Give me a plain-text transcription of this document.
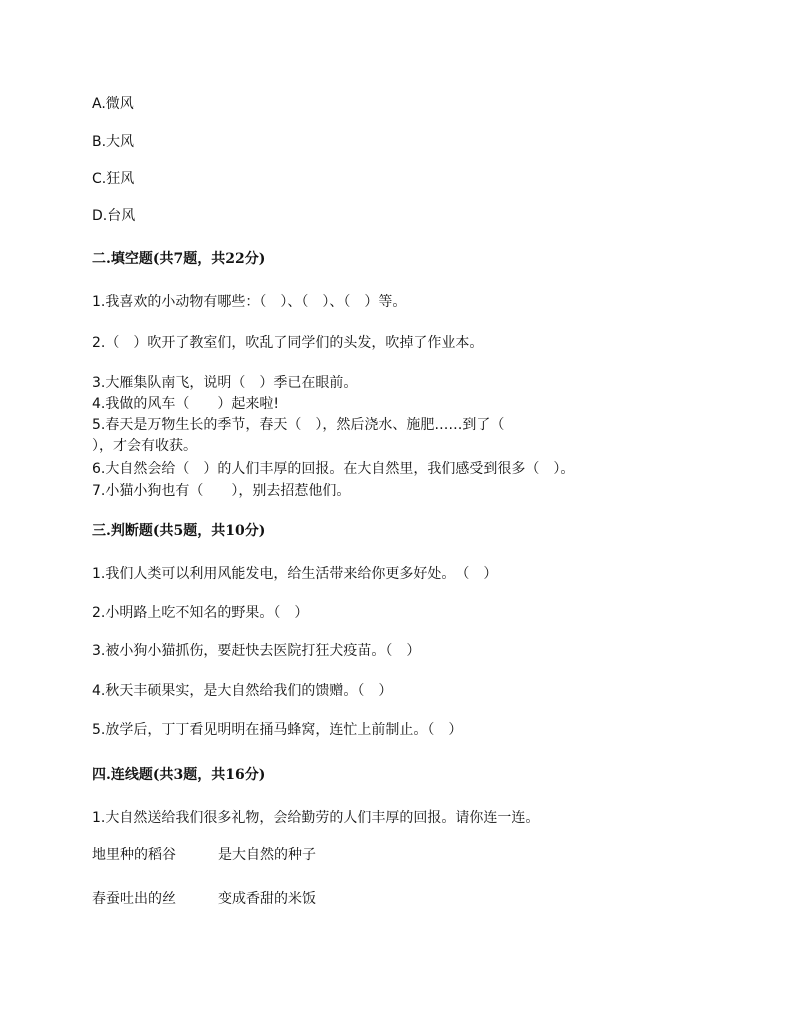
A.微风
B.大风
C.狂风
D.台风
二.填空题(共7题，共22分)
1.我喜欢的小动物有哪些：（　）、（　）、（　）等。
2.（　）吹开了教室们，吹乱了同学们的头发，吹掉了作业本。
3.大雁集队南飞，说明（　）季已在眼前。
4.我做的风车（　　）起来啦!
5.春天是万物生长的季节，春天（　），然后浇水、施肥……到了（
），才会有收获。
6.大自然会给（　）的人们丰厚的回报。在大自然里，我们感受到很多（　）。
7.小猫小狗也有（　　），别去招惹他们。
三.判断题(共5题，共10分)
1.我们人类可以利用风能发电，给生活带来给你更多好处。　（　）
2.小明路上吃不知名的野果。（　）
3.被小狗小猫抓伤，要赶快去医院打狂犬疫苗。（　）
4.秋天丰硕果实，是大自然给我们的馈赠。（　）
5.放学后，丁丁看见明明在捅马蜂窝，连忙上前制止。（　）
四.连线题(共3题，共16分)
1.大自然送给我们很多礼物，会给勤劳的人们丰厚的回报。请你连一连。
地里种的稻谷	是大自然的种子
春蚕吐出的丝	变成香甜的米饭
